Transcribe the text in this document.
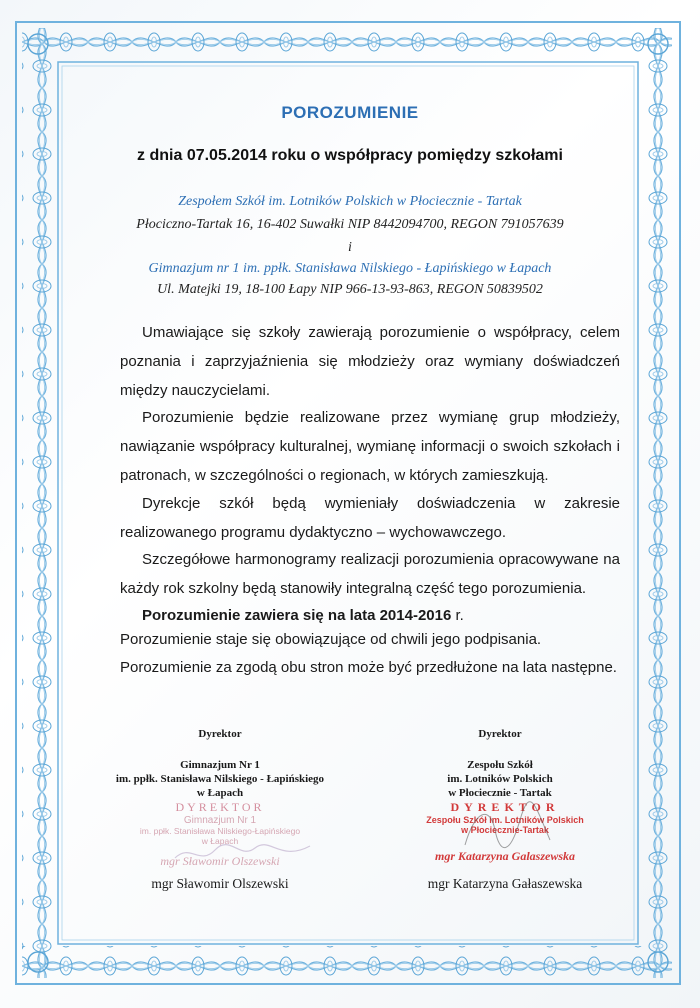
POROZUMIENIE
z dnia 07.05.2014 roku o współpracy pomiędzy szkołami
Zespołem Szkół im. Lotników Polskich w Płociecznie - Tartak
Płociczno-Tartak 16, 16-402 Suwałki NIP 8442094700, REGON 791057639
i
Gimnazjum nr 1 im. ppłk. Stanisława Nilskiego - Łapińskiego w Łapach
Ul. Matejki 19, 18-100 Łapy NIP 966-13-93-863, REGON 50839502
Umawiające się szkoły zawierają porozumienie o współpracy, celem poznania i zaprzyjaźnienia się młodzieży oraz wymiany doświadczeń między nauczycielami.
Porozumienie będzie realizowane przez wymianę grup młodzieży, nawiązanie współpracy kulturalnej, wymianę informacji o swoich szkołach i patronach, w szczególności o regionach, w których zamieszkują.
Dyrekcje szkół będą wymieniały doświadczenia w zakresie realizowanego programu dydaktyczno – wychowawczego.
Szczegółowe harmonogramy realizacji porozumienia opracowywane na każdy rok szkolny będą stanowiły integralną część tego porozumienia.
Porozumienie zawiera się na lata 2014-2016 r.
Porozumienie staje się obowiązujące od chwili jego podpisania.
Porozumienie za zgodą obu stron może być przedłużone na lata następne.
Dyrektor
Gimnazjum Nr 1
im. ppłk. Stanisława Nilskiego - Łapińskiego
w Łapach
DYREKTOR
Gimnazjum Nr 1
im. ppłk. Stanisława Nilskiego-Łapińskiego
w Łapach
mgr Sławomir Olszewski
mgr Sławomir Olszewski
Dyrektor
Zespołu Szkół
im. Lotników Polskich
w Płociecznie - Tartak
DYREKTOR
Zespołu Szkół im. Lotników Polskich
w Płociecznie-Tartak
mgr Katarzyna Galaszewska
mgr Katarzyna Gałaszewska
